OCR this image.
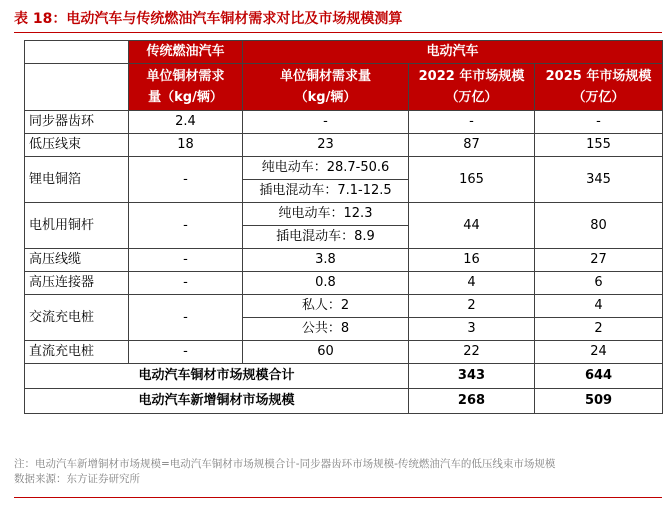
表 18：电动汽车与传统燃油汽车铜材需求对比及市场规模测算
	传统燃油汽车	电动汽车		
	单位铜材需求量（kg/辆）	单位铜材需求量（kg/辆）	2022 年市场规模（万亿）	2025 年市场规模（万亿）
同步器齿环	2.4	-	-	-
低压线束	18	23	87	155
锂电铜箔	-	纯电动车：28.7-50.6	165	345
		插电混动车：7.1-12.5		
电机用铜杆	-	纯电动车：12.3	44	80
		插电混动车：8.9		
高压线缆	-	3.8	16	27
高压连接器	-	0.8	4	6
交流充电桩	-	私人：2	2	4
		公共：8	3	2
直流充电桩	-	60	22	24
电动汽车铜材市场规模合计			343	644
电动汽车新增铜材市场规模			268	509
注：电动汽车新增铜材市场规模=电动汽车铜材市场规模合计-同步器齿环市场规模-传统燃油汽车的低压线束市场规模
数据来源：东方证券研究所
